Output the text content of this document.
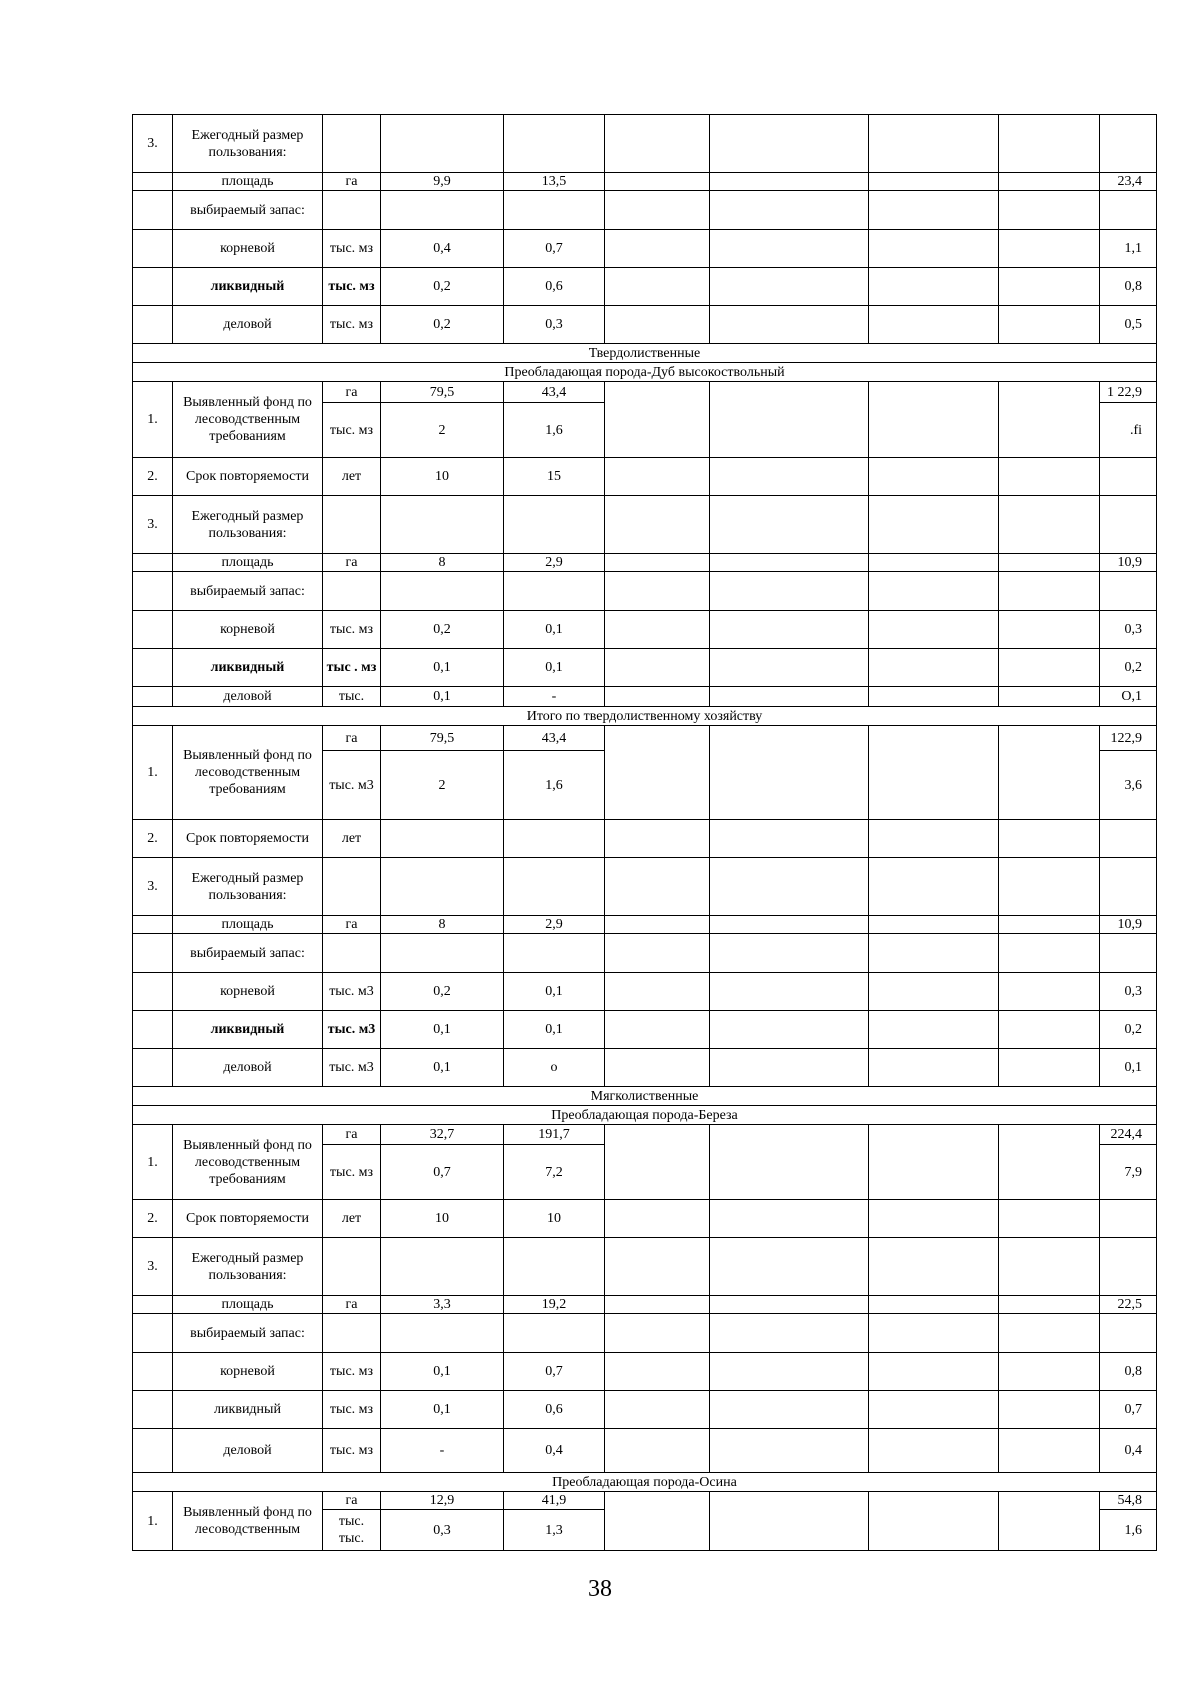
3.	Ежегодный размер пользования:								
	площадь	га	9,9	13,5					23,4
	выбираемый запас:								
	корневой	тыс. мз	0,4	0,7					1,1
	ликвидный	тыс. мз	0,2	0,6					0,8
	деловой	тыс. мз	0,2	0,3					0,5
Твердолиственные									
Преобладающая порода-Дуб высокоствольный									
1.	Выявленный фонд по лесоводственным требованиям	га	79,5	43,4					1 22,9
		тыс. мз	2	1,6					.fi
2.	Срок повторяемости	лет	10	15					
3.	Ежегодный размер пользования:								
	площадь	га	8	2,9					10,9
	выбираемый запас:								
	корневой	тыс. мз	0,2	0,1					0,3
	ликвидный	тыс . мз	0,1	0,1					0,2
	деловой	тыс.	0,1	-					O,1
Итого по твердолиственному хозяйству									
1.	Выявленный фонд по лесоводственным требованиям	га	79,5	43,4					122,9
		тыс. м3	2	1,6					3,6
2.	Срок повторяемости	лет							
3.	Ежегодный размер пользования:								
	площадь	га	8	2,9					10,9
	выбираемый запас:								
	корневой	тыс. м3	0,2	0,1					0,3
	ликвидный	тыс. м3	0,1	0,1					0,2
	деловой	тыс. м3	0,1	о					0,1
Мягколиственные									
Преобладающая порода-Береза									
1.	Выявленный фонд по лесоводственным требованиям	га	32,7	191,7					224,4
		тыс. мз	0,7	7,2					7,9
2.	Срок повторяемости	лет	10	10					
3.	Ежегодный размер пользования:								
	площадь	га	3,3	19,2					22,5
	выбираемый запас:								
	корневой	тыс. мз	0,1	0,7					0,8
	ликвидный	тыс. мз	0,1	0,6					0,7
	деловой	тыс. мз	-	0,4					0,4
Преобладающая порода-Осина									
1.	Выявленный фонд по лесоводственным	га	12,9	41,9					54,8
		тыс. тыс.	0,3	1,3					1,6
38
